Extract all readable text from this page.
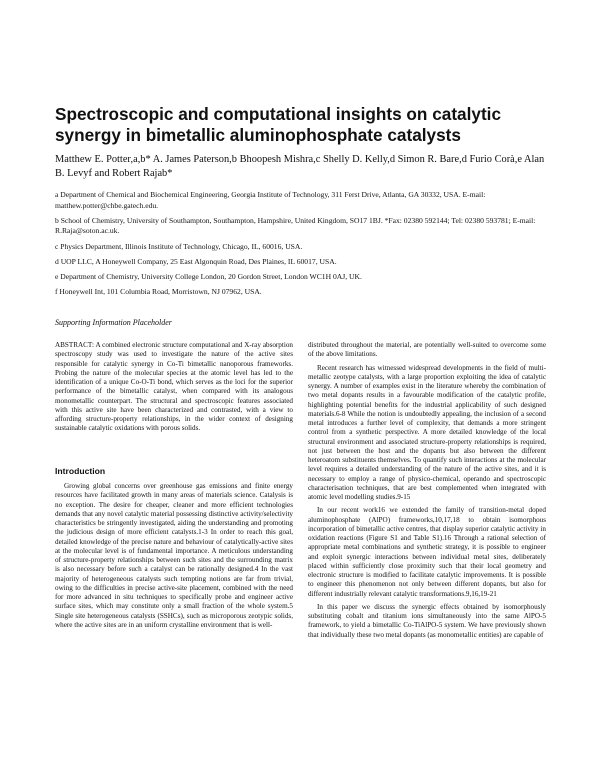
Spectroscopic and computational insights on catalytic synergy in bimetallic aluminophosphate catalysts
Matthew E. Potter,a,b* A. James Paterson,b Bhoopesh Mishra,c Shelly D. Kelly,d Simon R. Bare,d Furio Corà,e Alan B. Levyf and Robert Rajab*
a Department of Chemical and Biochemical Engineering, Georgia Institute of Technology, 311 Ferst Drive, Atlanta, GA 30332, USA. E-mail: matthew.potter@chbe.gatech.edu.
b School of Chemistry, University of Southampton, Southampton, Hampshire, United Kingdom, SO17 1BJ. *Fax: 02380 592144; Tel: 02380 593781; E-mail: R.Raja@soton.ac.uk.
c Physics Department, Illinois Institute of Technology, Chicago, IL, 60016, USA.
d UOP LLC, A Honeywell Company, 25 East Algonquin Road, Des Plaines, IL 60017, USA.
e Department of Chemistry, University College London, 20 Gordon Street, London WC1H 0AJ, UK.
f Honeywell Int, 101 Columbia Road, Morristown, NJ 07962, USA.
Supporting Information Placeholder
ABSTRACT: A combined electronic structure computational and X-ray absorption spectroscopy study was used to investigate the nature of the active sites responsible for catalytic synergy in Co-Ti bimetallic nanoporous frameworks. Probing the nature of the molecular species at the atomic level has led to the identification of a unique Co-O-Ti bond, which serves as the loci for the superior performance of the bimetallic catalyst, when compared with its analogous monometallic counterpart. The structural and spectroscopic features associated with this active site have been characterized and contrasted, with a view to affording structure-property relationships, in the wider context of designing sustainable catalytic oxidations with porous solids.
Introduction

Growing global concerns over greenhouse gas emissions and finite energy resources have facilitated growth in many areas of materials science. Catalysis is no exception. The desire for cheaper, cleaner and more efficient technologies demands that any novel catalytic material possessing distinctive activity/selectivity characteristics be stringently investigated, aiding the understanding and promoting the judicious design of more efficient catalysts.1-3 In order to reach this goal, detailed knowledge of the precise nature and behaviour of catalytically-active sites at the molecular level is of fundamental importance. A meticulous understanding of structure-property relationships between such sites and the surrounding matrix is also necessary before such a catalyst can be rationally designed.4 In the vast majority of heterogeneous catalysts such tempting notions are far from trivial, owing to the difficulties in precise active-site placement, combined with the need for more advanced in situ techniques to specifically probe and engineer active surface sites, which may constitute only a small fraction of the whole system.5 Single site heterogeneous catalysts (SSHCs), such as microporous zeotypic solids, where the active sites are in an uniform crystalline environment that is well-

distributed throughout the material, are potentially well-suited to overcome some of the above limitations.

Recent research has witnessed widespread developments in the field of multi-metallic zeotype catalysts, with a large proportion exploiting the idea of catalytic synergy. A number of examples exist in the literature whereby the combination of two metal dopants results in a favourable modification of the catalytic profile, highlighting potential benefits for the industrial applicability of such designed materials.6-8 While the notion is undoubtedly appealing, the inclusion of a second metal introduces a further level of complexity, that demands a more stringent control from a synthetic perspective. A more detailed knowledge of the local structural environment and associated structure-property relationships is required, not just between the host and the dopants but also between the different heteroatom substituents themselves. To quantify such interactions at the molecular level requires a detailed understanding of the nature of the active sites, and it is necessary to employ a range of physico-chemical, operando and spectroscopic characterisation techniques, that are best complemented when integrated with atomic level modelling studies.9-15

In our recent work16 we extended the family of transition-metal doped aluminophosphate (AlPO) frameworks,10,17,18 to obtain isomorphous incorporation of bimetallic active centres, that display superior catalytic activity in oxidation reactions (Figure S1 and Table S1).16 Through a rational selection of appropriate metal combinations and synthetic strategy, it is possible to engineer and exploit synergic interactions between individual metal sites, deliberately placed within sufficiently close proximity such that their local geometry and electronic structure is modified to facilitate catalytic improvements. It is possible to engineer this phenomenon not only between different dopants, but also for different industrially relevant catalytic transformations.9,16,19-21

In this paper we discuss the synergic effects obtained by isomorphously substituting cobalt and titanium ions simultaneously into the same AlPO-5 framework, to yield a bimetallic Co-TiAlPO-5 system. We have previously shown that individually these two metal dopants (as monometallic entities) are capable of
